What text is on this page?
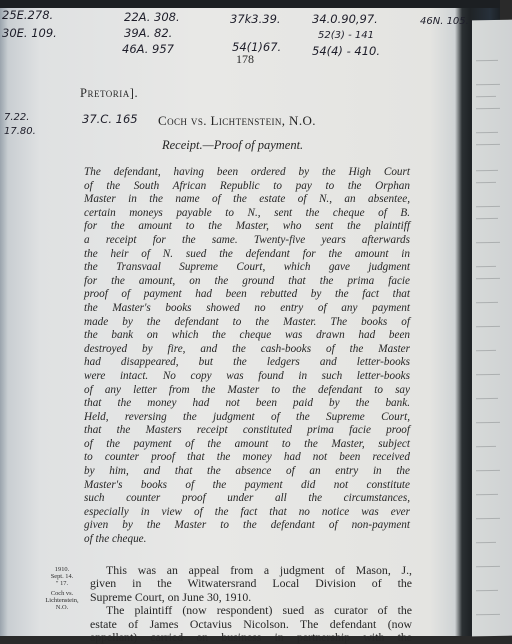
25E.278.
30E. 109.
22A. 308.
39A. 82.
46A. 957
37k3.39.
54(1)67.
34.0.90,97.
52(3) - 141
54(4) - 410.
46N. 105.
7.22.
17.80.
37.C. 165
178
Pretoria].
Coch vs. Lichtenstein, N.O.
Receipt.—Proof of payment.
The defendant, having been ordered by the High Court
of the South African Republic to pay to the Orphan
Master in the name of the estate of N., an absentee,
certain moneys payable to N., sent the cheque of B.
for the amount to the Master, who sent the plaintiff
a receipt for the same. Twenty-five years afterwards
the heir of N. sued the defendant for the amount in
the Transvaal Supreme Court, which gave judgment
for the amount, on the ground that the prima facie
proof of payment had been rebutted by the fact that
the Master's books showed no entry of any payment
made by the defendant to the Master. The books of
the bank on which the cheque was drawn had been
destroyed by fire, and the cash-books of the Master
had disappeared, but the ledgers and letter-books
were intact. No copy was found in such letter-books
of any letter from the Master to the defendant to say
that the money had not been paid by the bank.
Held, reversing the judgment of the Supreme Court,
that the Masters receipt constituted prima facie proof
of the payment of the amount to the Master, subject
to counter proof that the money had not been received
by him, and that the absence of an entry in the
Master's books of the payment did not constitute
such counter proof under all the circumstances,
especially in view of the fact that no notice was ever
given by the Master to the defendant of non-payment
of the cheque.
1910.
Sept. 14.
" 17.
Coch vs.
Lichtenstein,
N.O.
This was an appeal from a judgment of Mason, J.,
given in the Witwatersrand Local Division of the
Supreme Court, on June 30, 1910.
The plaintiff (now respondent) sued as curator of the
estate of James Octavius Nicolson. The defendant (now
appellant) carried on business in partnership with the
